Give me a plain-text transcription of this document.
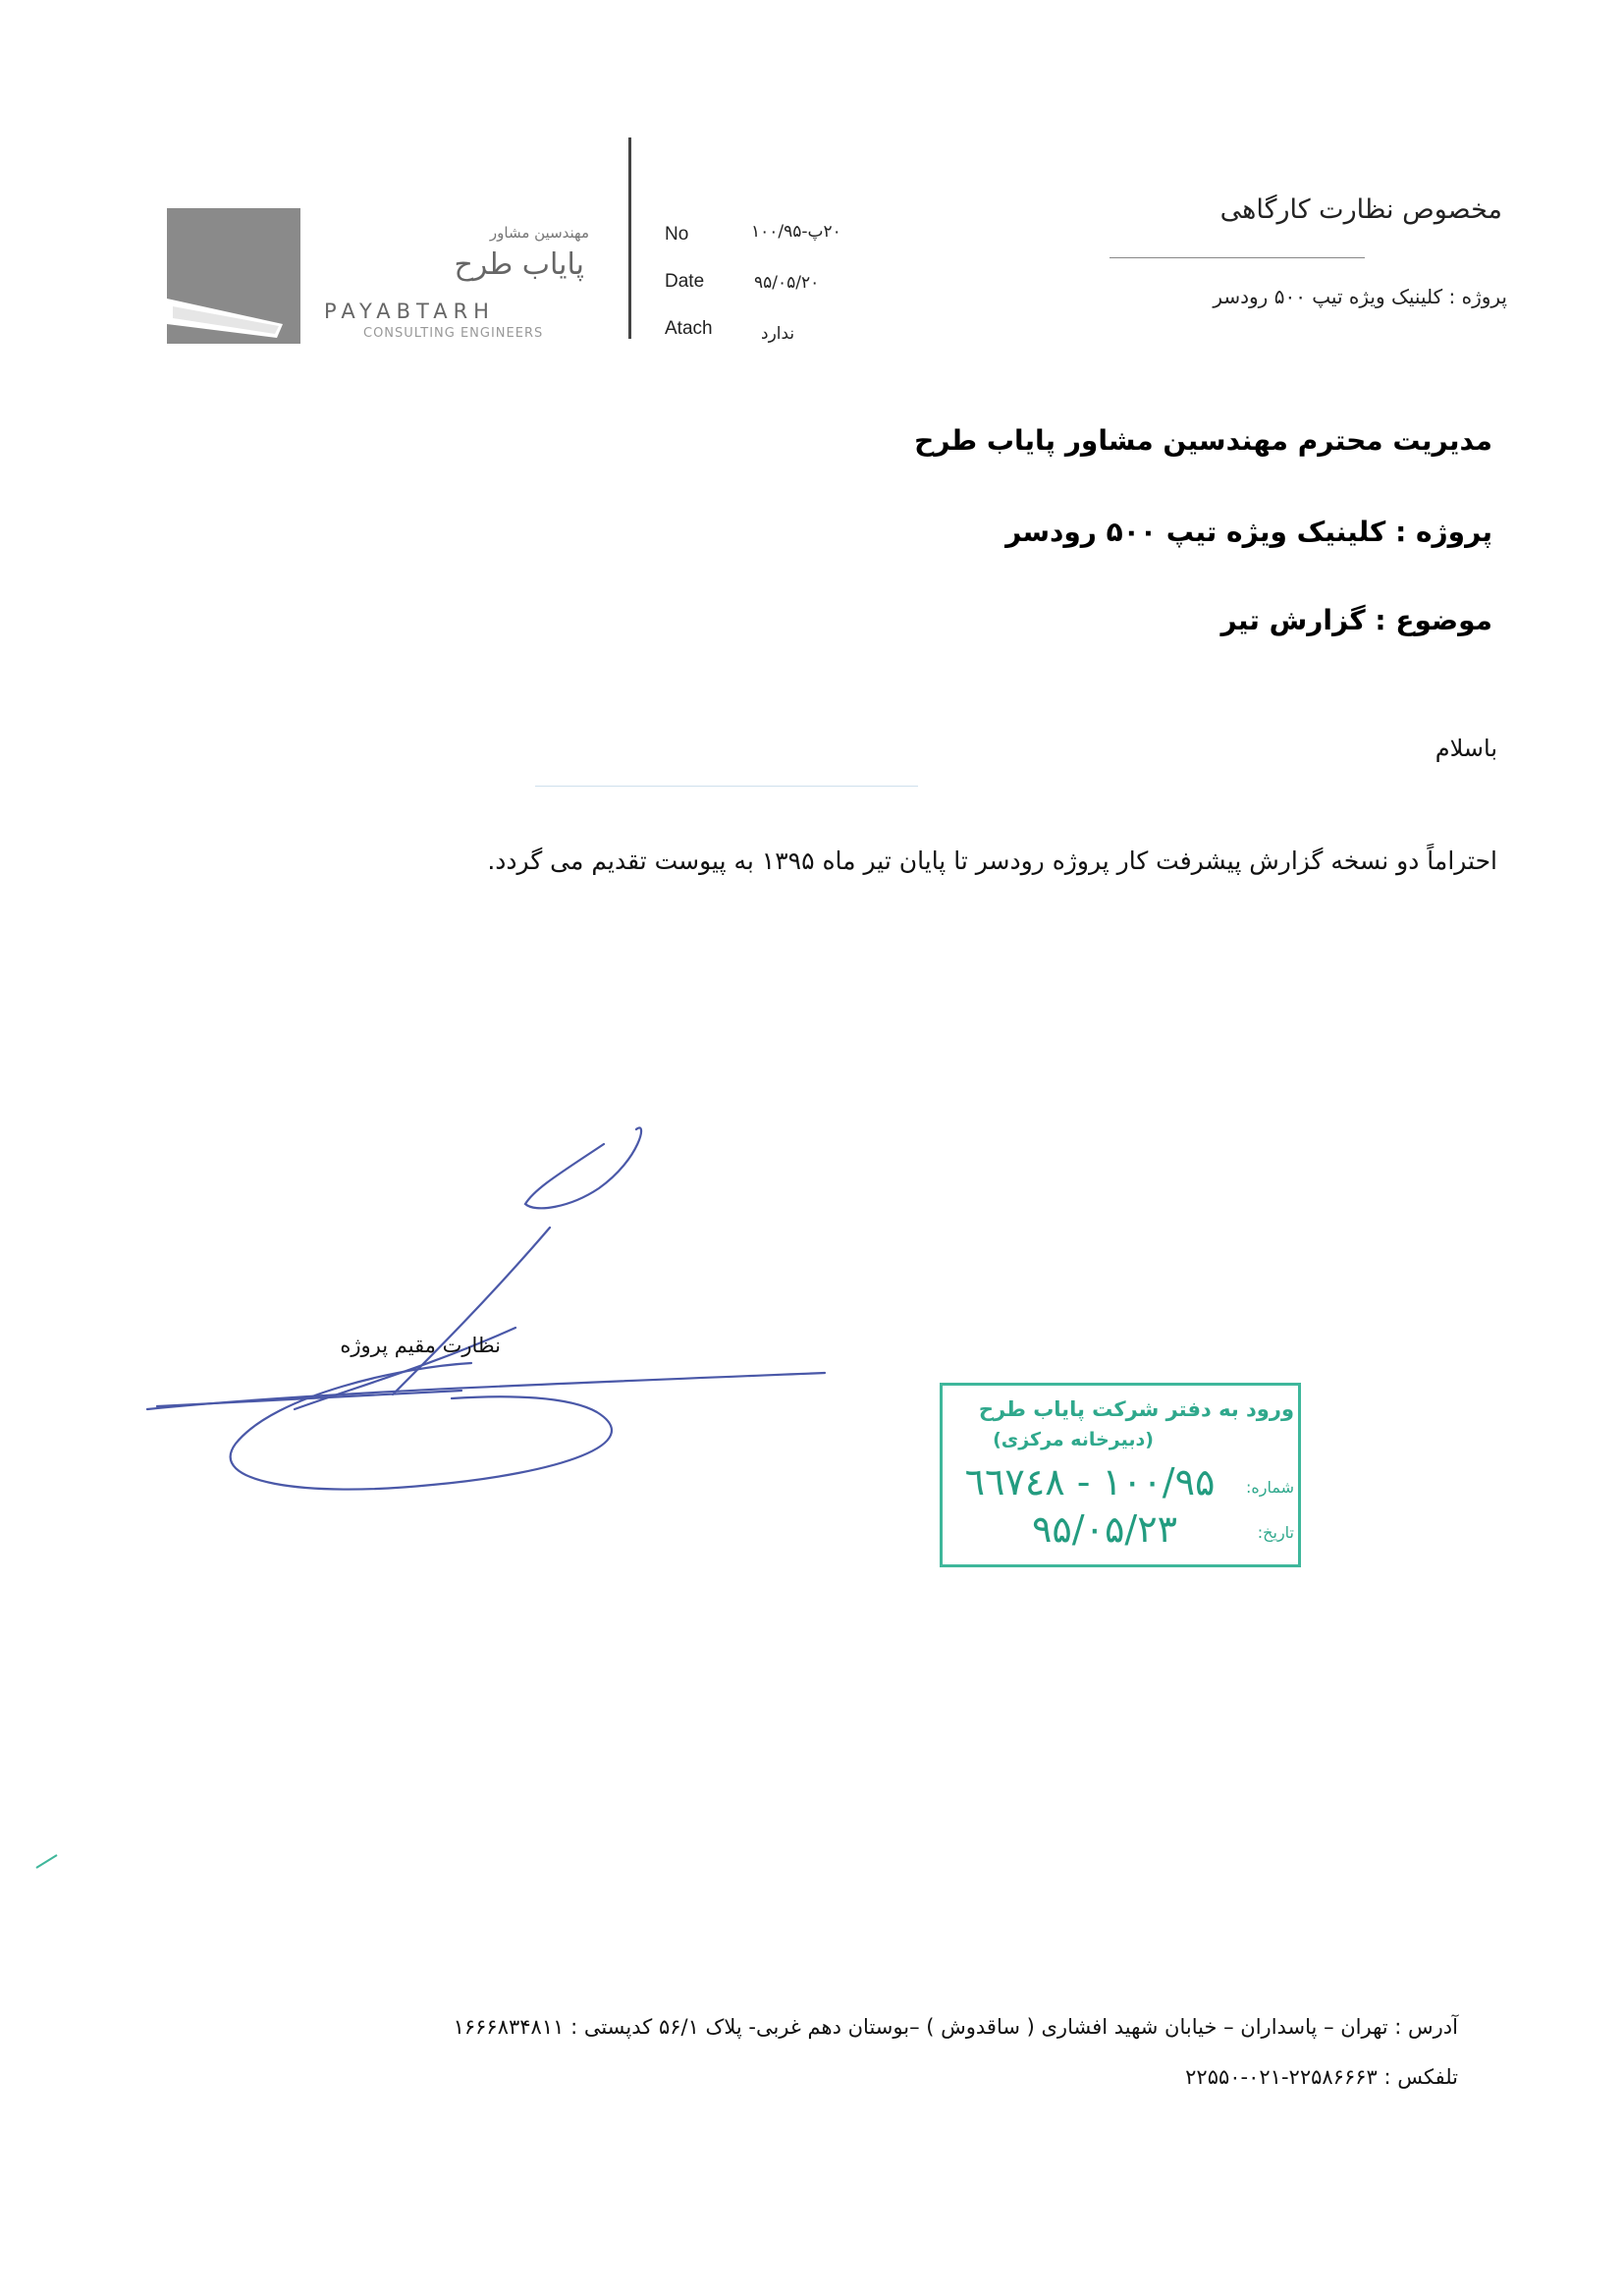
مهندسین مشاور
پایاب طرح
PAYABTARH
CONSULTING ENGINEERS
No	۲۰پ-۱۰۰/۹۵
Date	۹۵/۰۵/۲۰
Atach	ندارد
مخصوص نظارت کارگاهی
پروژه : کلینیک ویژه تیپ ۵۰۰ رودسر
مدیریت محترم مهندسین مشاور پایاب طرح
پروژه : کلینیک ویژه تیپ ۵۰۰ رودسر
موضوع : گزارش تیر
باسلام
احتراماً دو نسخه گزارش پیشرفت کار پروژه رودسر تا پایان تیر ماه ۱۳۹۵ به پیوست تقدیم می گردد.
نظارت مقیم پروژه
ورود به دفتر شرکت پایاب طرح
(دبیرخانه مرکزی)
شماره:
۱۰۰/۹۵ - ٦٦٧٤٨
تاریخ:
۹۵/۰۵/۲۳
آدرس : تهران – پاسداران – خیابان شهید افشاری ( ساقدوش ) –بوستان دهم غربی- پلاک ۵۶/۱ کدپستی : ۱۶۶۶۸۳۴۸۱۱
تلفکس : ۲۲۵۸۶۶۶۳-۰۲۱-۲۲۵۵۰
